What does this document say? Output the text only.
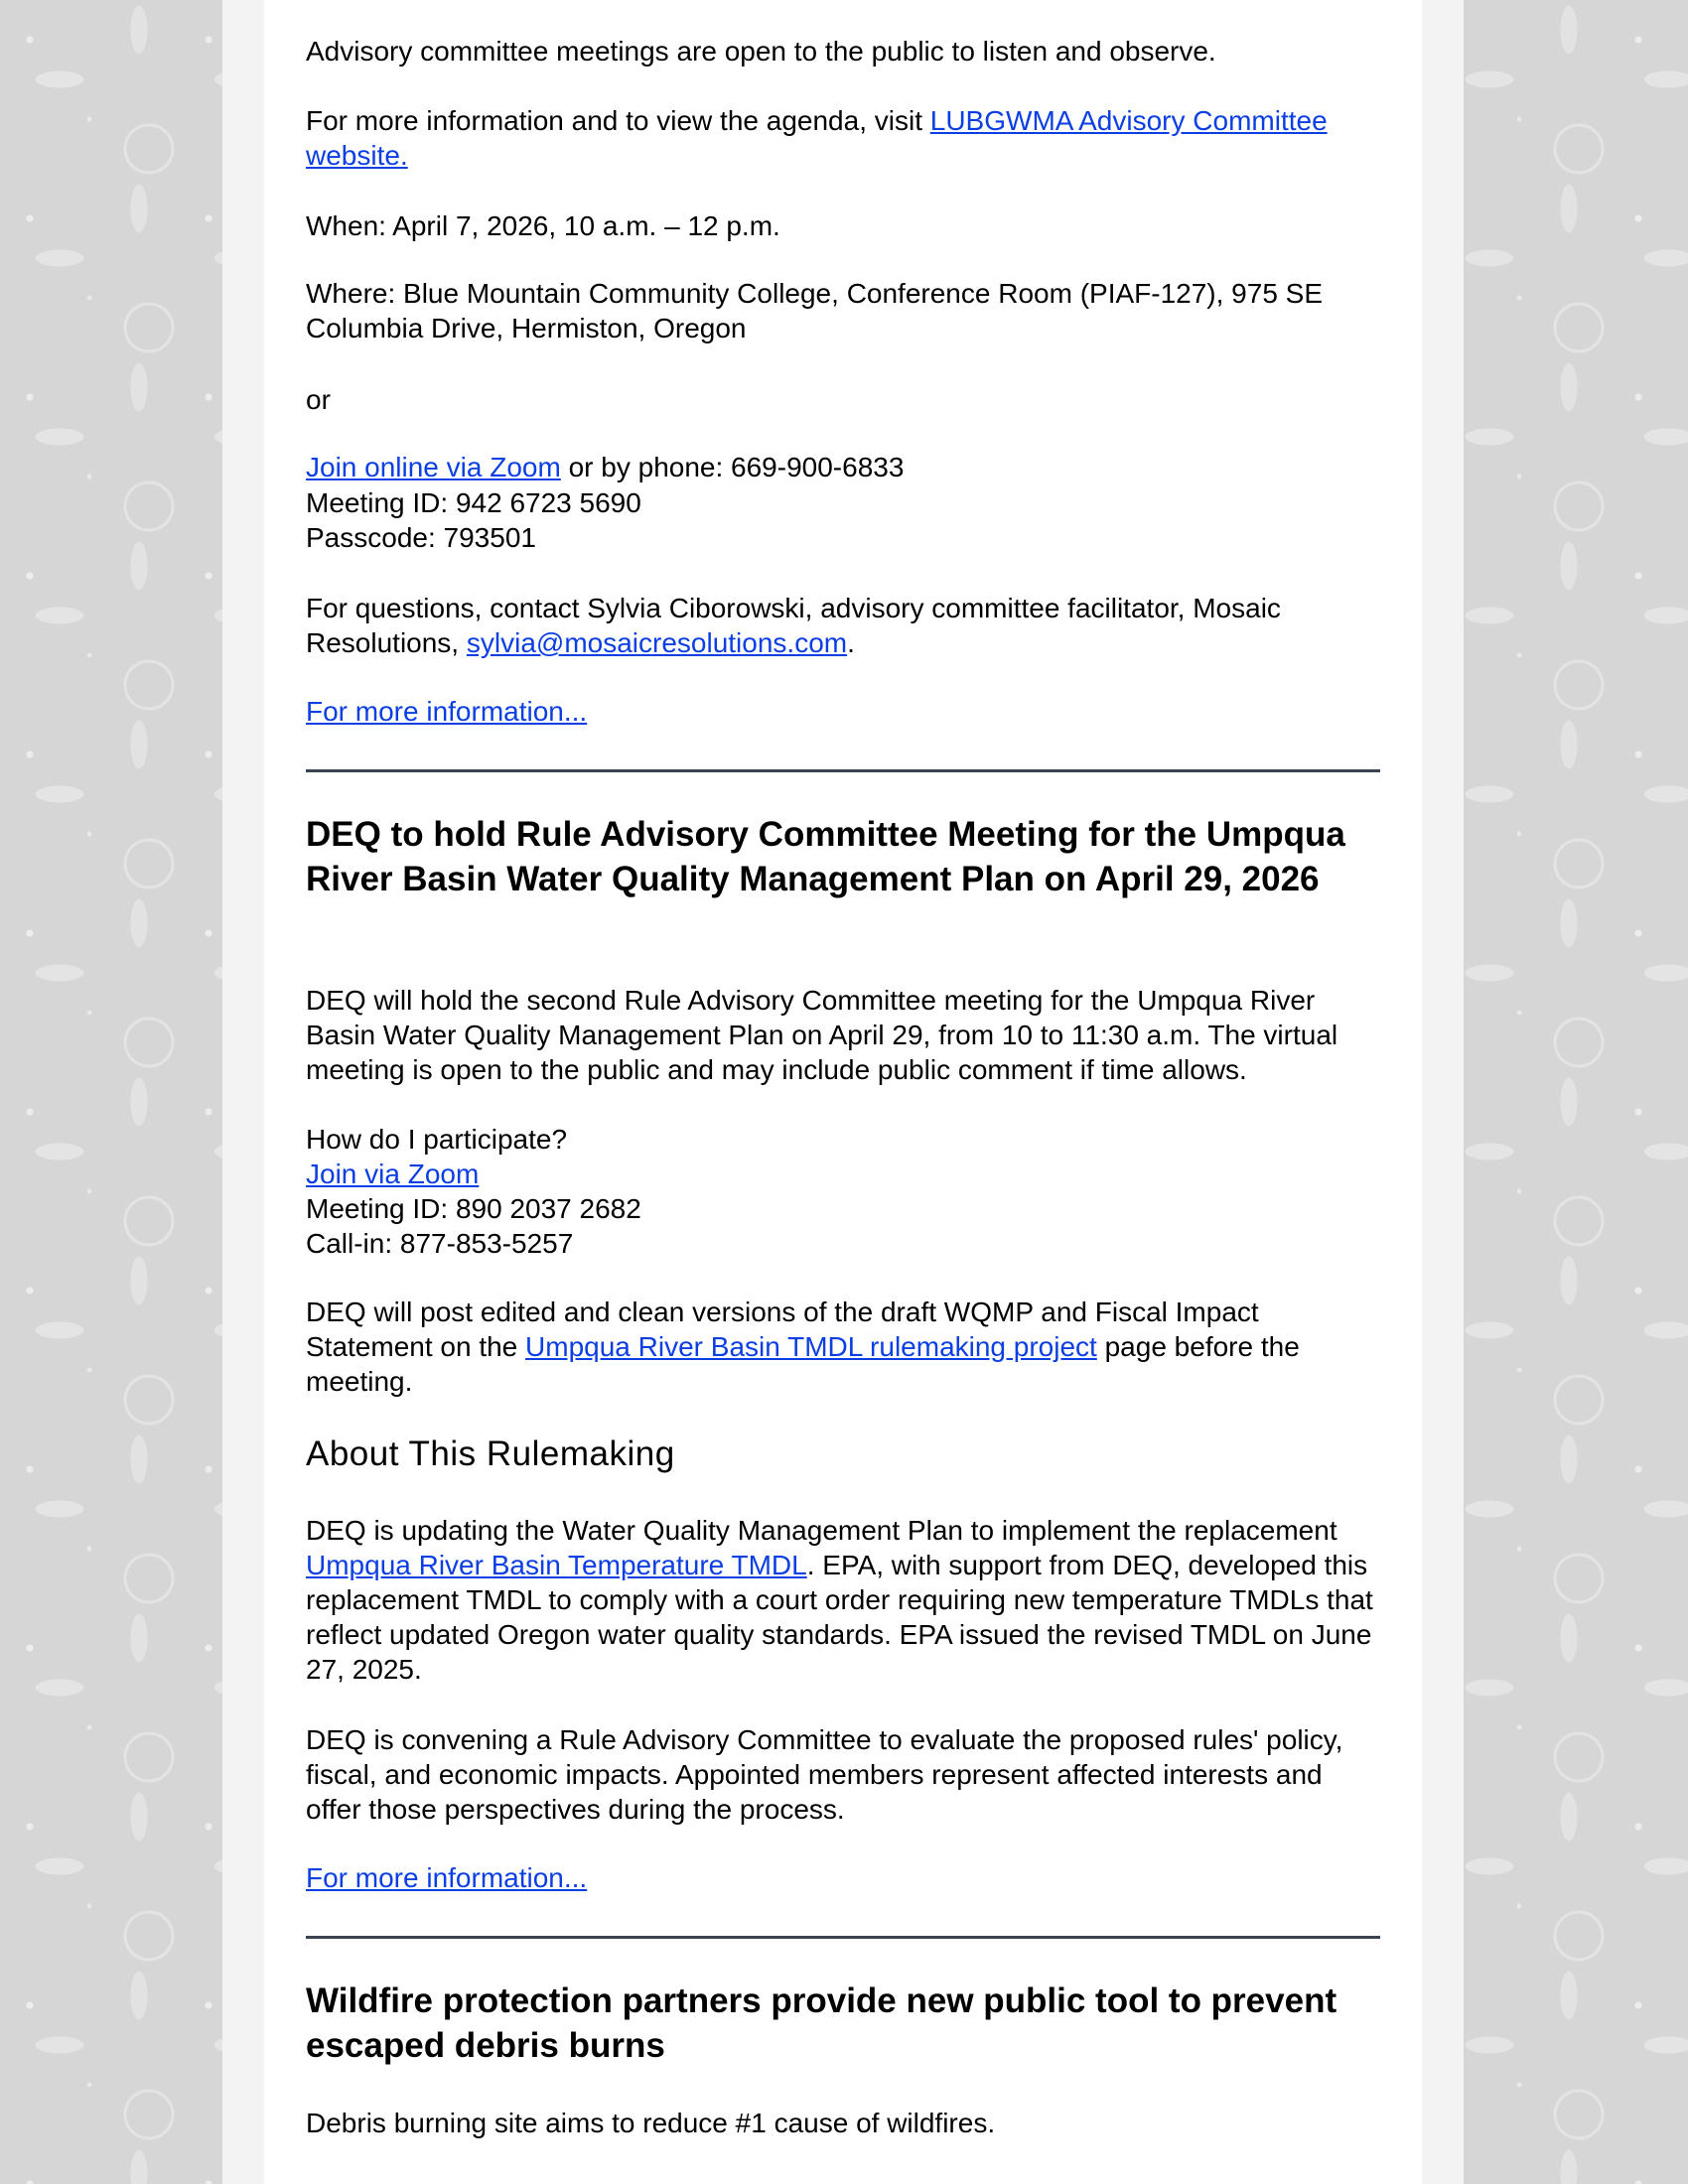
Advisory committee meetings are open to the public to listen and observe.

For more information and to view the agenda, visit LUBGWMA Advisory Committee website.

When: April 7, 2026, 10 a.m. – 12 p.m.

Where: Blue Mountain Community College, Conference Room (PIAF-127), 975 SE Columbia Drive, Hermiston, Oregon

or

Join online via Zoom or by phone: 669-900-6833

Meeting ID: 942 6723 5690

Passcode: 793501

For questions, contact Sylvia Ciborowski, advisory committee facilitator, Mosaic Resolutions, sylvia@mosaicresolutions.com.

For more information...

DEQ to hold Rule Advisory Committee Meeting for the Umpqua River Basin Water Quality Management Plan on April 29, 2026

DEQ will hold the second Rule Advisory Committee meeting for the Umpqua River Basin Water Quality Management Plan on April 29, from 10 to 11:30 a.m. The virtual meeting is open to the public and may include public comment if time allows.

How do I participate?

Join via Zoom

Meeting ID: 890 2037 2682

Call-in: 877-853-5257

DEQ will post edited and clean versions of the draft WQMP and Fiscal Impact Statement on the Umpqua River Basin TMDL rulemaking project page before the meeting.

About This Rulemaking

DEQ is updating the Water Quality Management Plan to implement the replacement Umpqua River Basin Temperature TMDL. EPA, with support from DEQ, developed this replacement TMDL to comply with a court order requiring new temperature TMDLs that reflect updated Oregon water quality standards. EPA issued the revised TMDL on June 27, 2025.

DEQ is convening a Rule Advisory Committee to evaluate the proposed rules' policy, fiscal, and economic impacts. Appointed members represent affected interests and offer those perspectives during the process.

For more information...

Wildfire protection partners provide new public tool to prevent escaped debris burns

Debris burning site aims to reduce #1 cause of wildfires.
